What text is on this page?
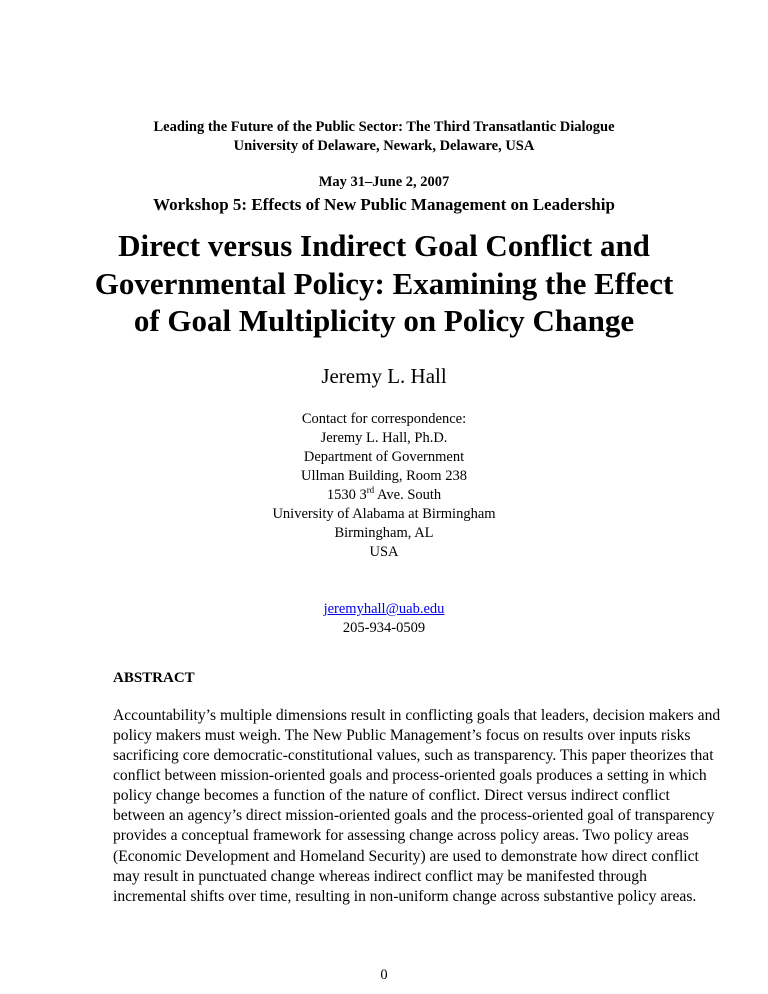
Leading the Future of the Public Sector: The Third Transatlantic Dialogue
University of Delaware, Newark, Delaware, USA
May 31–June 2, 2007
Workshop 5: Effects of New Public Management on Leadership
Direct versus Indirect Goal Conflict and
Governmental Policy: Examining the Effect
of Goal Multiplicity on Policy Change
Jeremy L. Hall
Contact for correspondence:
Jeremy L. Hall, Ph.D.
Department of Government
Ullman Building, Room 238
1530 3rd Ave. South
University of Alabama at Birmingham
Birmingham, AL
USA
jeremyhall@uab.edu
205-934-0509
ABSTRACT
Accountability’s multiple dimensions result in conflicting goals that leaders, decision makers and
policy makers must weigh. The New Public Management’s focus on results over inputs risks
sacrificing core democratic-constitutional values, such as transparency. This paper theorizes that
conflict between mission-oriented goals and process-oriented goals produces a setting in which
policy change becomes a function of the nature of conflict. Direct versus indirect conflict
between an agency’s direct mission-oriented goals and the process-oriented goal of transparency
provides a conceptual framework for assessing change across policy areas. Two policy areas
(Economic Development and Homeland Security) are used to demonstrate how direct conflict
may result in punctuated change whereas indirect conflict may be manifested through
incremental shifts over time, resulting in non-uniform change across substantive policy areas.
0
